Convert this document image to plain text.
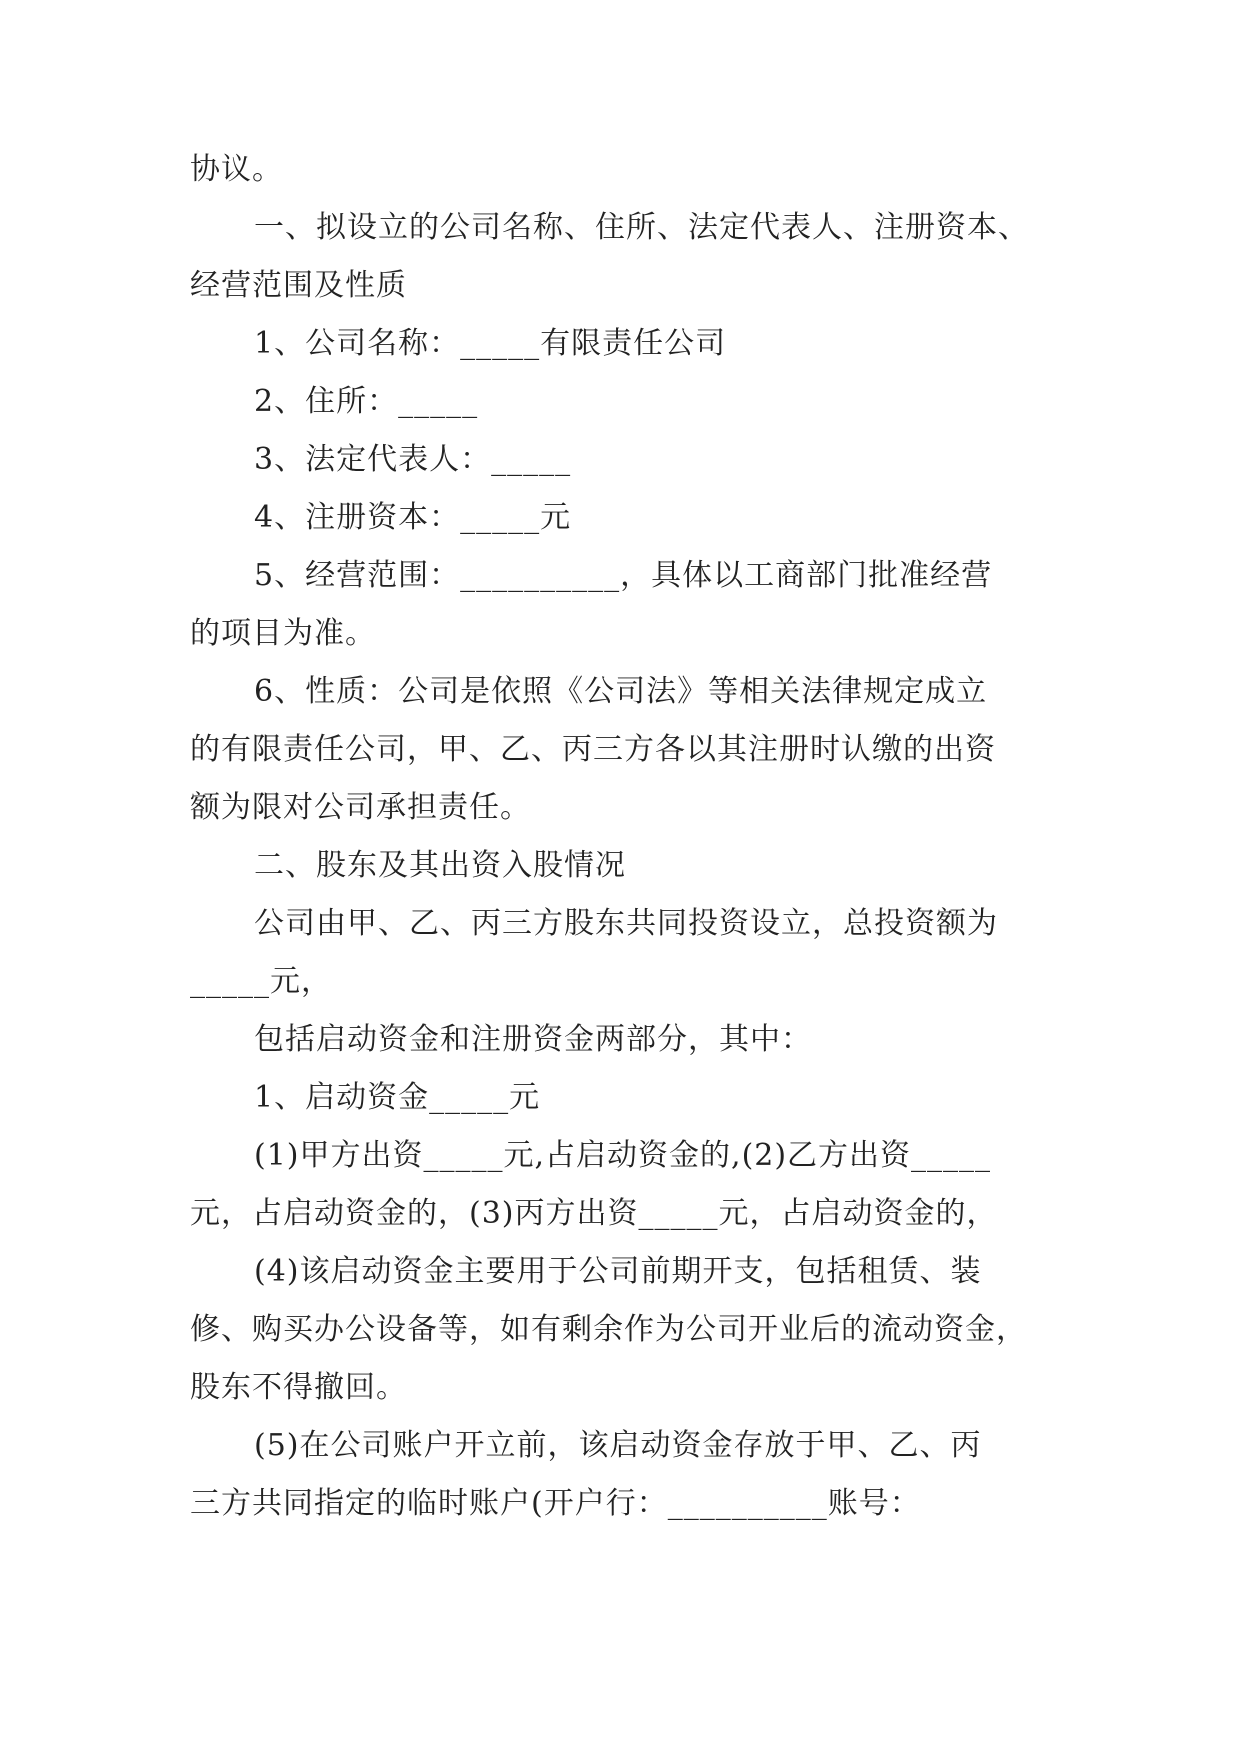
协议。
一、拟设立的公司名称、住所、法定代表人、注册资本、
经营范围及性质
1、公司名称：_____有限责任公司
2、住所：_____
3、法定代表人：_____
4、注册资本：_____元
5、经营范围：__________，具体以工商部门批准经营
的项目为准。
6、性质：公司是依照《公司法》等相关法律规定成立
的有限责任公司，甲、乙、丙三方各以其注册时认缴的出资
额为限对公司承担责任。
二、股东及其出资入股情况
公司由甲、乙、丙三方股东共同投资设立，总投资额为
_____元，
包括启动资金和注册资金两部分，其中：
1、启动资金_____元
(1)甲方出资_____元,占启动资金的,(2)乙方出资_____
元，占启动资金的，(3)丙方出资_____元，占启动资金的，
(4)该启动资金主要用于公司前期开支，包括租赁、装
修、购买办公设备等，如有剩余作为公司开业后的流动资金，
股东不得撤回。
(5)在公司账户开立前，该启动资金存放于甲、乙、丙
三方共同指定的临时账户(开户行：__________账号：
